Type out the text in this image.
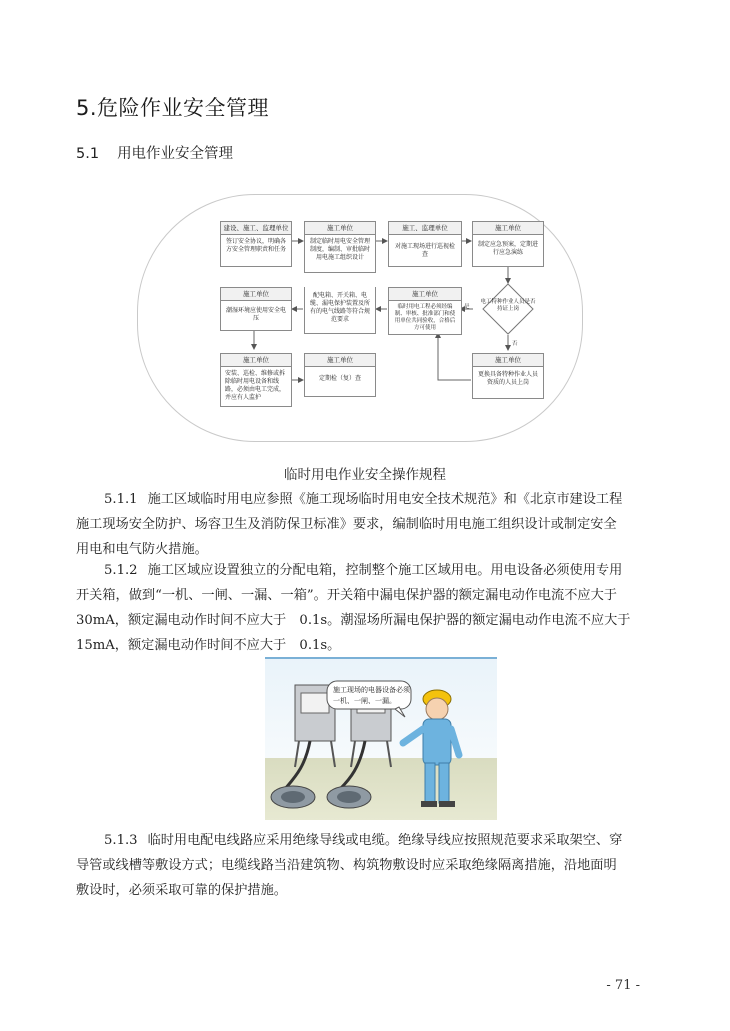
5.危险作业安全管理
5.1 用电作业安全管理
建设、施工、监理单位
签订安全协议，明确各方安全管理职责和任务
施工单位
制定临时用电安全管理制度，编制、审批临时用电施工组织设计
施工、监理单位
对施工现场进行巡视检查
施工单位
制定应急预案，定期进行应急演练
施工单位
潮湿环境应使用安全电压
配电箱、开关箱、电缆、漏电保护装置及所有的电气线路等符合规范要求
施工单位
临时用电工程必须经编制、审核、批准部门和使用单位共同验收，合格后方可使用
电工特种作业人员是否持证上岗
是
否
施工单位
安装、巡检、维修或拆除临时用电设备和线路，必须由电工完成，并应有人监护
施工单位
定期检（复）查
施工单位
更换具备特种作业人员资质的人员上岗
临时用电作业安全操作规程
5.1.1 施工区域临时用电应参照《施工现场临时用电安全技术规范》和《北京市建设工程
施工现场安全防护、场容卫生及消防保卫标准》要求，编制临时用电施工组织设计或制定安全
用电和电气防火措施。
5.1.2 施工区域应设置独立的分配电箱，控制整个施工区域用电。用电设备必须使用专用
开关箱，做到“一机、一闸、一漏、一箱”。开关箱中漏电保护器的额定漏电动作电流不应大于
30mA，额定漏电动作时间不应大于　0.1s。潮湿场所漏电保护器的额定漏电动作电流不应大于
15mA，额定漏电动作时间不应大于　0.1s。
施工现场的电器设备必须
一机、一闸、一漏。
5.1.3 临时用电配电线路应采用绝缘导线或电缆。绝缘导线应按照规范要求采取架空、穿
导管或线槽等敷设方式；电缆线路当沿建筑物、构筑物敷设时应采取绝缘隔离措施，沿地面明
敷设时，必须采取可靠的保护措施。
- 71 -
